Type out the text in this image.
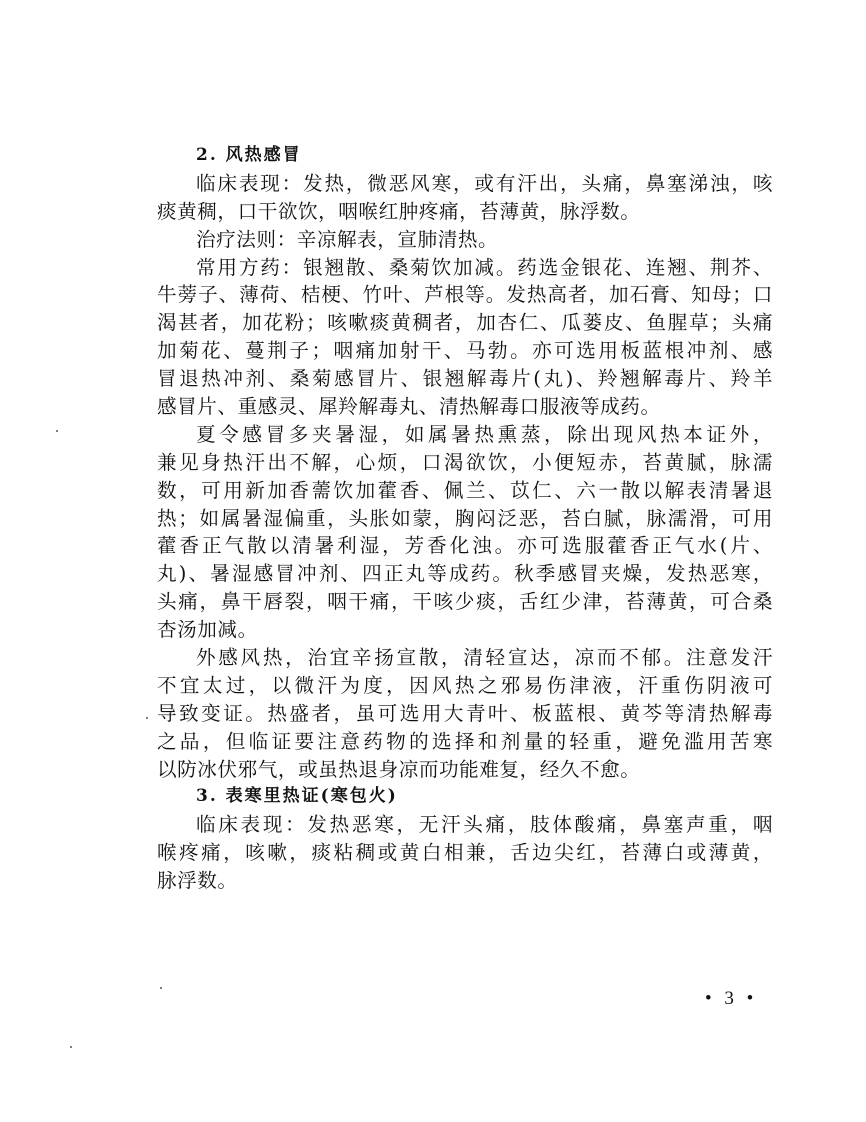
2. 风热感冒
临床表现：发热，微恶风寒，或有汗出，头痛，鼻塞涕浊，咳
痰黄稠，口干欲饮，咽喉红肿疼痛，苔薄黄，脉浮数。
治疗法则：辛凉解表，宣肺清热。
常用方药：银翘散、桑菊饮加减。药选金银花、连翘、荆芥、
牛蒡子、薄荷、桔梗、竹叶、芦根等。发热高者，加石膏、知母；口
渴甚者，加花粉；咳嗽痰黄稠者，加杏仁、瓜蒌皮、鱼腥草；头痛
加菊花、蔓荆子；咽痛加射干、马勃。亦可选用板蓝根冲剂、感
冒退热冲剂、桑菊感冒片、银翘解毒片(丸)、羚翘解毒片、羚羊
感冒片、重感灵、犀羚解毒丸、清热解毒口服液等成药。
夏令感冒多夹暑湿，如属暑热熏蒸，除出现风热本证外，
兼见身热汗出不解，心烦，口渴欲饮，小便短赤，苔黄腻，脉濡
数，可用新加香薷饮加藿香、佩兰、苡仁、六一散以解表清暑退
热；如属暑湿偏重，头胀如蒙，胸闷泛恶，苔白腻，脉濡滑，可用
藿香正气散以清暑利湿，芳香化浊。亦可选服藿香正气水(片、
丸)、暑湿感冒冲剂、四正丸等成药。秋季感冒夹燥，发热恶寒，
头痛，鼻干唇裂，咽干痛，干咳少痰，舌红少津，苔薄黄，可合桑
杏汤加减。
外感风热，治宜辛扬宣散，清轻宣达，凉而不郁。注意发汗
不宜太过，以微汗为度，因风热之邪易伤津液，汗重伤阴液可
导致变证。热盛者，虽可选用大青叶、板蓝根、黄芩等清热解毒
之品，但临证要注意药物的选择和剂量的轻重，避免滥用苦寒
以防冰伏邪气，或虽热退身凉而功能难复，经久不愈。
3. 表寒里热证(寒包火)
临床表现：发热恶寒，无汗头痛，肢体酸痛，鼻塞声重，咽
喉疼痛，咳嗽，痰粘稠或黄白相兼，舌边尖红，苔薄白或薄黄，
脉浮数。
• 3 •
